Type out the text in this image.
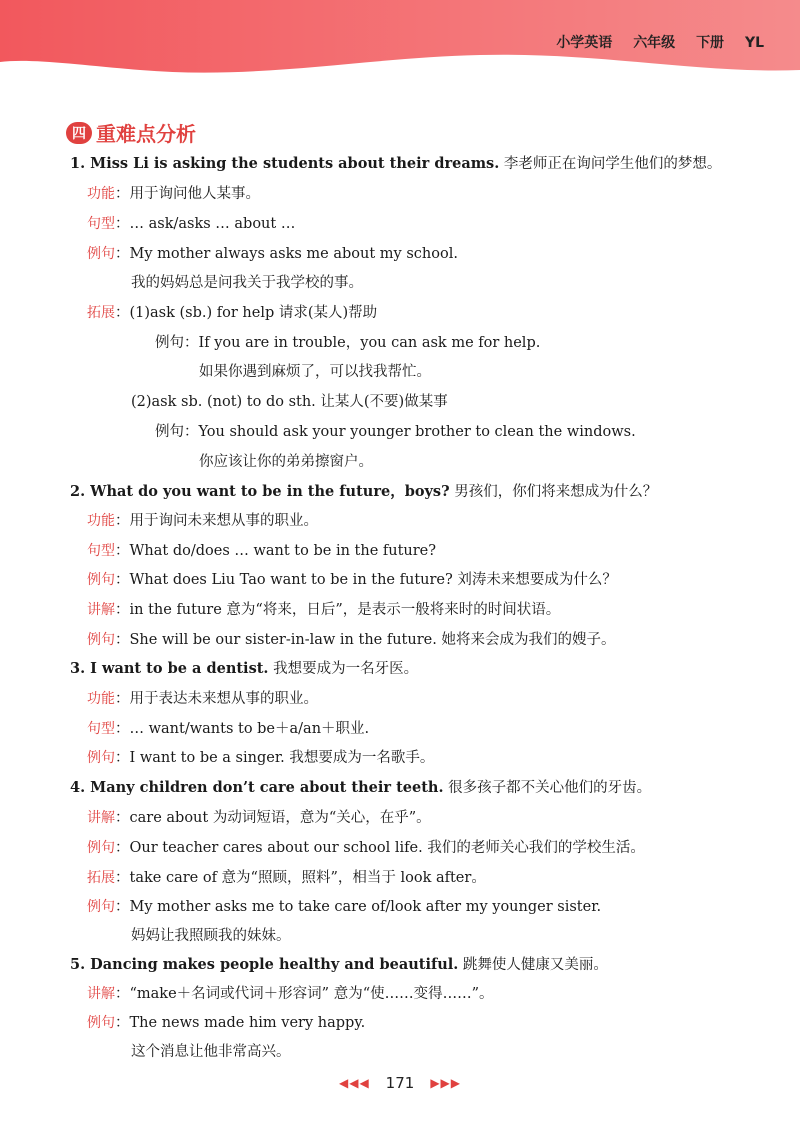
小学英语 六年级 下册 YL
四 重难点分析
1. Miss Li is asking the students about their dreams. 李老师正在询问学生他们的梦想。
功能：用于询问他人某事。
句型：… ask/asks … about …
例句：My mother always asks me about my school.
我的妈妈总是问我关于我学校的事。
拓展：(1)ask (sb.) for help 请求(某人)帮助
例句：If you are in trouble，you can ask me for help.
如果你遇到麻烦了，可以找我帮忙。
(2)ask sb. (not) to do sth. 让某人(不要)做某事
例句：You should ask your younger brother to clean the windows.
你应该让你的弟弟擦窗户。
2. What do you want to be in the future，boys? 男孩们，你们将来想成为什么？
功能：用于询问未来想从事的职业。
句型：What do/does … want to be in the future?
例句：What does Liu Tao want to be in the future? 刘涛未来想要成为什么？
讲解：in the future 意为“将来，日后”，是表示一般将来时的时间状语。
例句：She will be our sister-in-law in the future. 她将来会成为我们的嫂子。
3. I want to be a dentist. 我想要成为一名牙医。
功能：用于表达未来想从事的职业。
句型：… want/wants to be＋a/an＋职业.
例句：I want to be a singer. 我想要成为一名歌手。
4. Many children don’t care about their teeth. 很多孩子都不关心他们的牙齿。
讲解：care about 为动词短语，意为“关心，在乎”。
例句：Our teacher cares about our school life. 我们的老师关心我们的学校生活。
拓展：take care of 意为“照顾，照料”，相当于 look after。
例句：My mother asks me to take care of/look after my younger sister.
妈妈让我照顾我的妹妹。
5. Dancing makes people healthy and beautiful. 跳舞使人健康又美丽。
讲解：“make＋名词或代词＋形容词” 意为“使……变得……”。
例句：The news made him very happy.
这个消息让他非常高兴。
◀◀◀ 171 ▶▶▶
